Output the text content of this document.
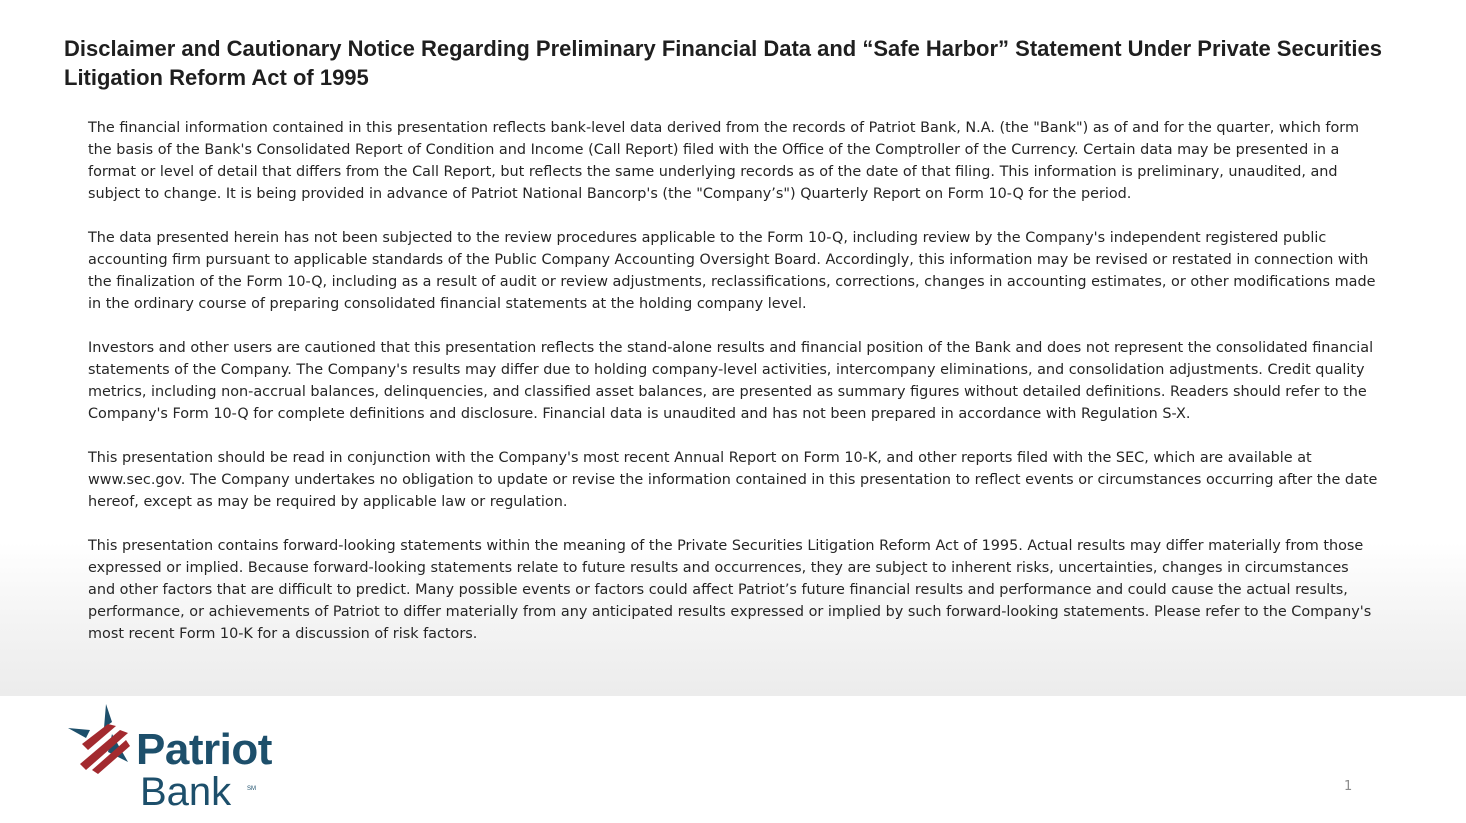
Disclaimer and Cautionary Notice Regarding Preliminary Financial Data and “Safe Harbor” Statement Under Private Securities Litigation Reform Act of 1995

The financial information contained in this presentation reflects bank-level data derived from the records of Patriot Bank, N.A. (the "Bank") as of and for the quarter, which form the basis of the Bank's Consolidated Report of Condition and Income (Call Report) filed with the Office of the Comptroller of the Currency. Certain data may be presented in a format or level of detail that differs from the Call Report, but reflects the same underlying records as of the date of that filing. This information is preliminary, unaudited, and subject to change. It is being provided in advance of Patriot National Bancorp's (the "Company’s") Quarterly Report on Form 10-Q for the period.

The data presented herein has not been subjected to the review procedures applicable to the Form 10-Q, including review by the Company's independent registered public accounting firm pursuant to applicable standards of the Public Company Accounting Oversight Board. Accordingly, this information may be revised or restated in connection with the finalization of the Form 10-Q, including as a result of audit or review adjustments, reclassifications, corrections, changes in accounting estimates, or other modifications made in the ordinary course of preparing consolidated financial statements at the holding company level.

Investors and other users are cautioned that this presentation reflects the stand-alone results and financial position of the Bank and does not represent the consolidated financial statements of the Company. The Company's results may differ due to holding company-level activities, intercompany eliminations, and consolidation adjustments. Credit quality metrics, including non-accrual balances, delinquencies, and classified asset balances, are presented as summary figures without detailed definitions. Readers should refer to the Company's Form 10-Q for complete definitions and disclosure. Financial data is unaudited and has not been prepared in accordance with Regulation S-X.

This presentation should be read in conjunction with the Company's most recent Annual Report on Form 10-K, and other reports filed with the SEC, which are available at www.sec.gov. The Company undertakes no obligation to update or revise the information contained in this presentation to reflect events or circumstances occurring after the date hereof, except as may be required by applicable law or regulation.

This presentation contains forward-looking statements within the meaning of the Private Securities Litigation Reform Act of 1995. Actual results may differ materially from those expressed or implied. Because forward-looking statements relate to future results and occurrences, they are subject to inherent risks, uncertainties, changes in circumstances and other factors that are difficult to predict. Many possible events or factors could affect Patriot’s future financial results and performance and could cause the actual results, performance, or achievements of Patriot to differ materially from any anticipated results expressed or implied by such forward-looking statements. Please refer to the Company's most recent Form 10-K for a discussion of risk factors.

Patriot
Bank	SM	1
